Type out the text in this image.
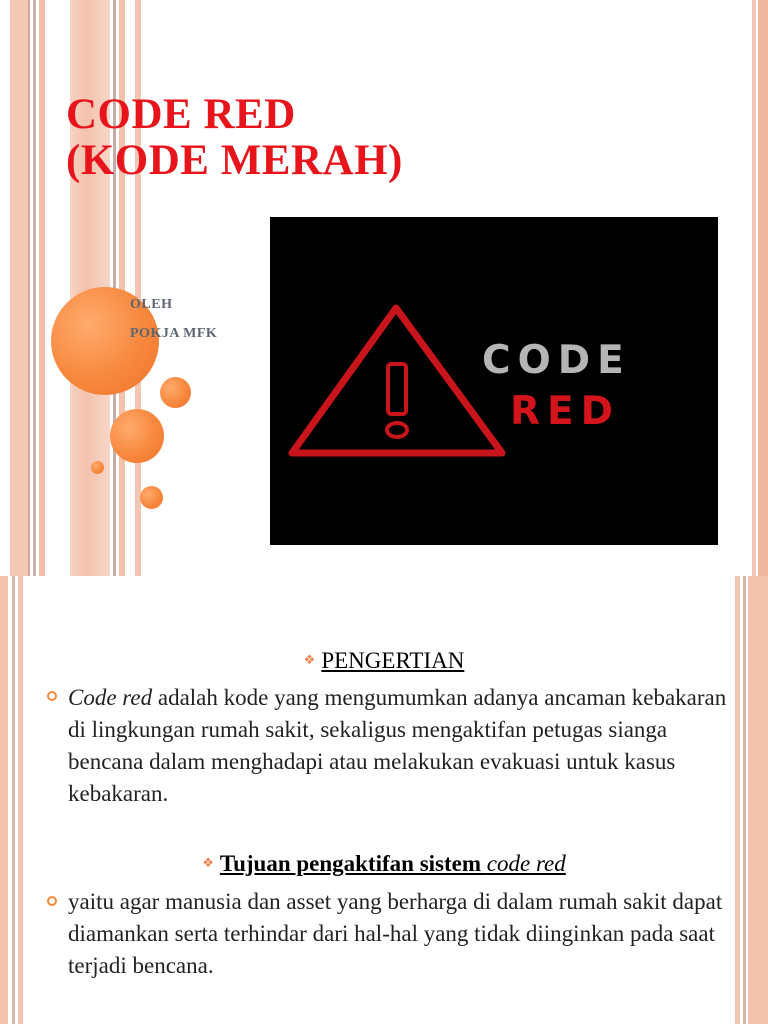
CODE RED
(KODE MERAH)
OLEH
POKJA MFK
CODE
RED
❖ PENGERTIAN
Code red adalah kode yang mengumumkan adanya ancaman kebakaran di lingkungan rumah sakit, sekaligus mengaktifan petugas sianga bencana dalam menghadapi atau melakukan evakuasi untuk kasus kebakaran.
❖ Tujuan pengaktifan sistem code red
yaitu agar manusia dan asset yang berharga di dalam rumah sakit dapat diamankan serta terhindar dari hal-hal yang tidak diinginkan pada saat terjadi bencana.
